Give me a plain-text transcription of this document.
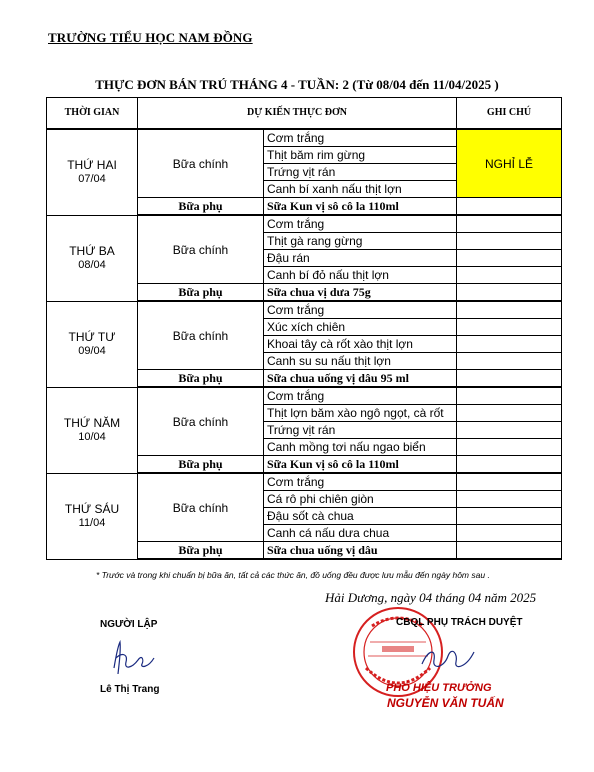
TRƯỜNG TIỂU HỌC NAM ĐỒNG
THỰC ĐƠN BÁN TRÚ THÁNG 4 - TUẦN: 2 (Từ 08/04 đến 11/04/2025 )
THỜI GIAN	DỰ KIẾN THỰC ĐƠN		GHI CHÚ

THỨ HAI
07/04	Bữa chính	Cơm trắng	NGHỈ LỄ
		Thịt băm rim gừng	
		Trứng vịt rán	
		Canh bí xanh nấu thịt lợn	
	Bữa phụ	Sữa Kun vị sô cô la 110ml	

THỨ BA
08/04	Bữa chính	Cơm trắng	
		Thịt gà rang gừng	
		Đậu rán	
		Canh bí đỏ nấu thịt lợn	
	Bữa phụ	Sữa chua vị dưa 75g	

THỨ TƯ
09/04	Bữa chính	Cơm trắng	
		Xúc xích chiên	
		Khoai tây cà rốt xào thịt lợn	
		Canh su su nấu thịt lợn	
	Bữa phụ	Sữa chua uống vị dâu 95 ml	

THỨ NĂM
10/04	Bữa chính	Cơm trắng	
		Thịt lợn băm xào ngô ngọt, cà rốt	
		Trứng vịt rán	
		Canh mồng tơi nấu ngao biển	
	Bữa phụ	Sữa Kun vị sô cô la 110ml	

THỨ SÁU
11/04	Bữa chính	Cơm trắng	
		Cá rô phi chiên giòn	
		Đậu sốt cà chua	
		Canh cá nấu dưa chua	
	Bữa phụ	Sữa chua uống vị dâu	
* Trước và trong khi chuẩn bị bữa ăn, tất cả các thức ăn, đồ uống đều được lưu mẫu đến ngày hôm sau .
Hải Dương, ngày 04 tháng 04 năm 2025
NGƯỜI LẬP
Lê Thị Trang
CBQL PHỤ TRÁCH DUYỆT
PHÓ HIỆU TRƯỞNG
NGUYỄN VĂN TUẤN
